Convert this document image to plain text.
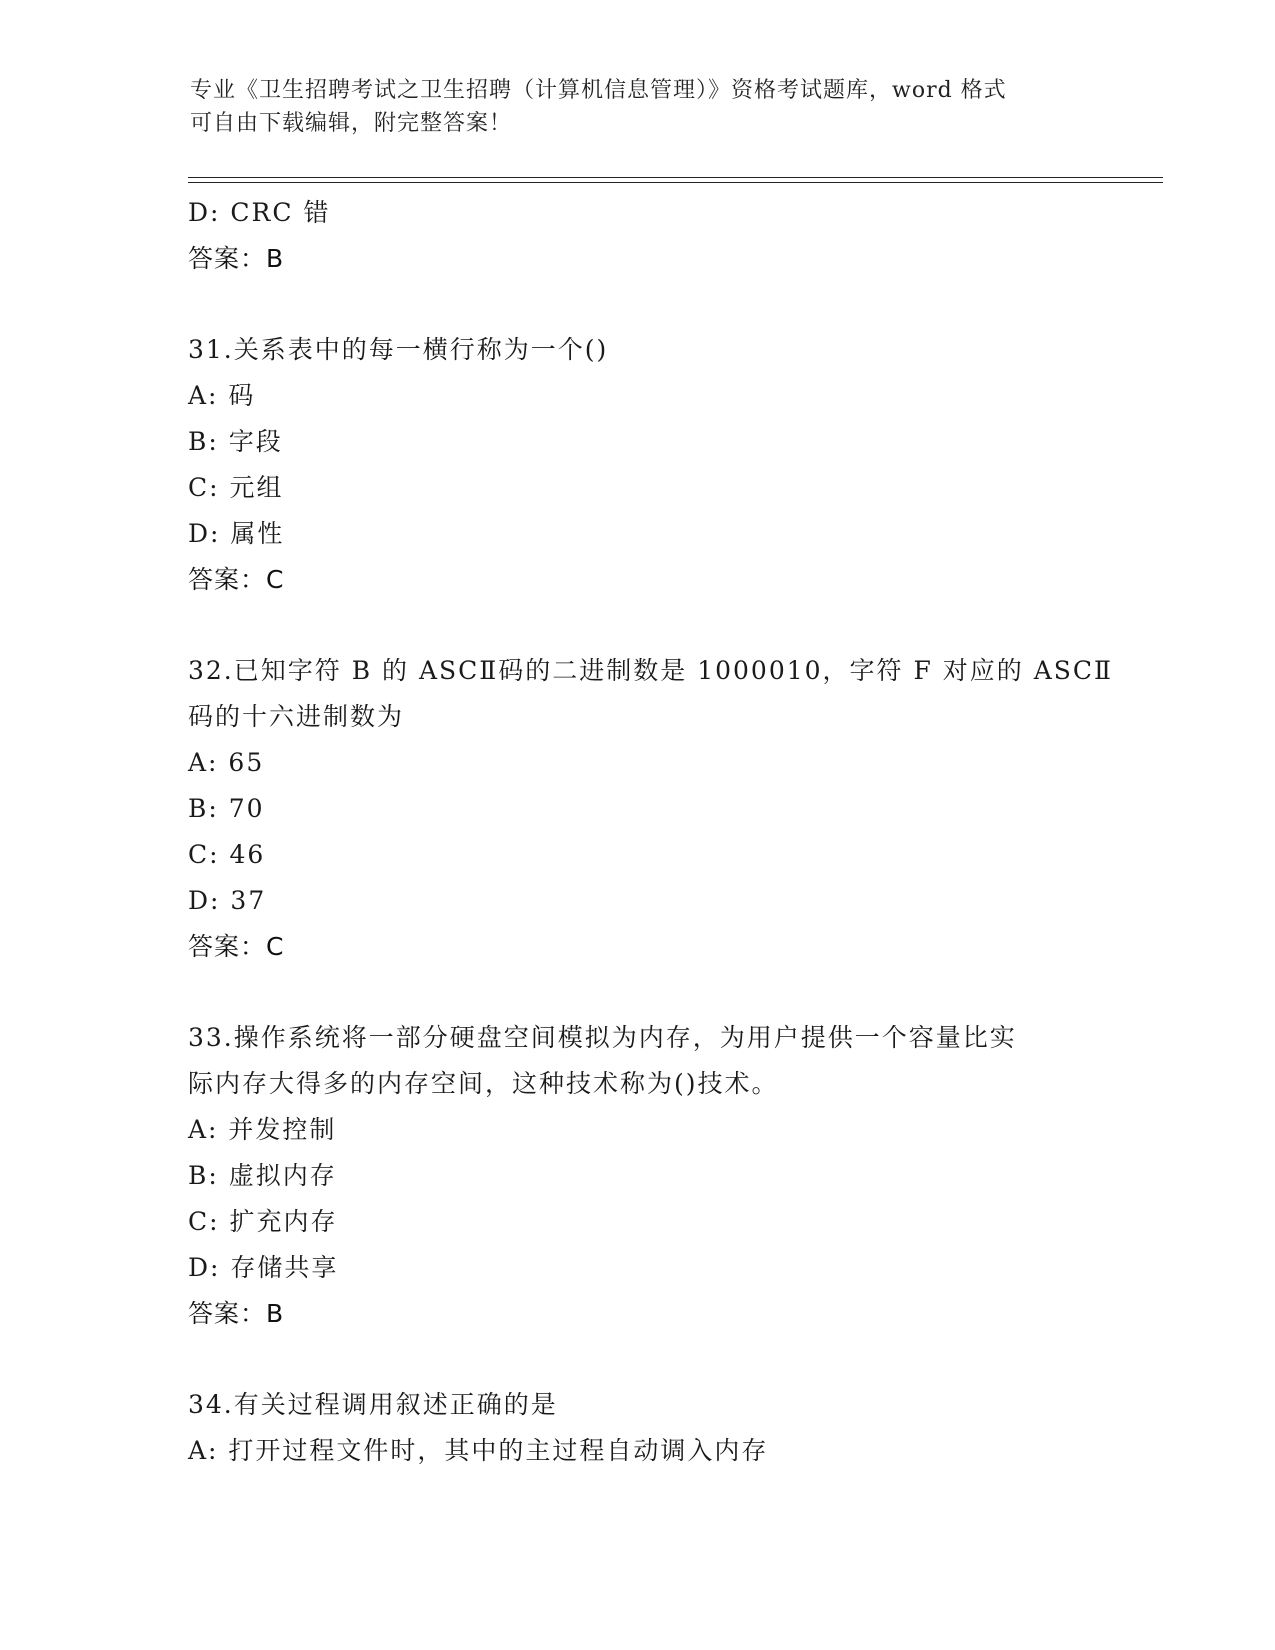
专业《卫生招聘考试之卫生招聘（计算机信息管理）》资格考试题库，word 格式
可自由下载编辑，附完整答案！
D: CRC 错
答案：B
31.关系表中的每一横行称为一个()
A: 码
B: 字段
C: 元组
D: 属性
答案：C
32.已知字符 B 的 ASCⅡ码的二进制数是 1000010，字符 F 对应的 ASCⅡ
码的十六进制数为
A: 65
B: 70
C: 46
D: 37
答案：C
33.操作系统将一部分硬盘空间模拟为内存，为用户提供一个容量比实
际内存大得多的内存空间，这种技术称为()技术。
A: 并发控制
B: 虚拟内存
C: 扩充内存
D: 存储共享
答案：B
34.有关过程调用叙述正确的是
A: 打开过程文件时，其中的主过程自动调入内存
